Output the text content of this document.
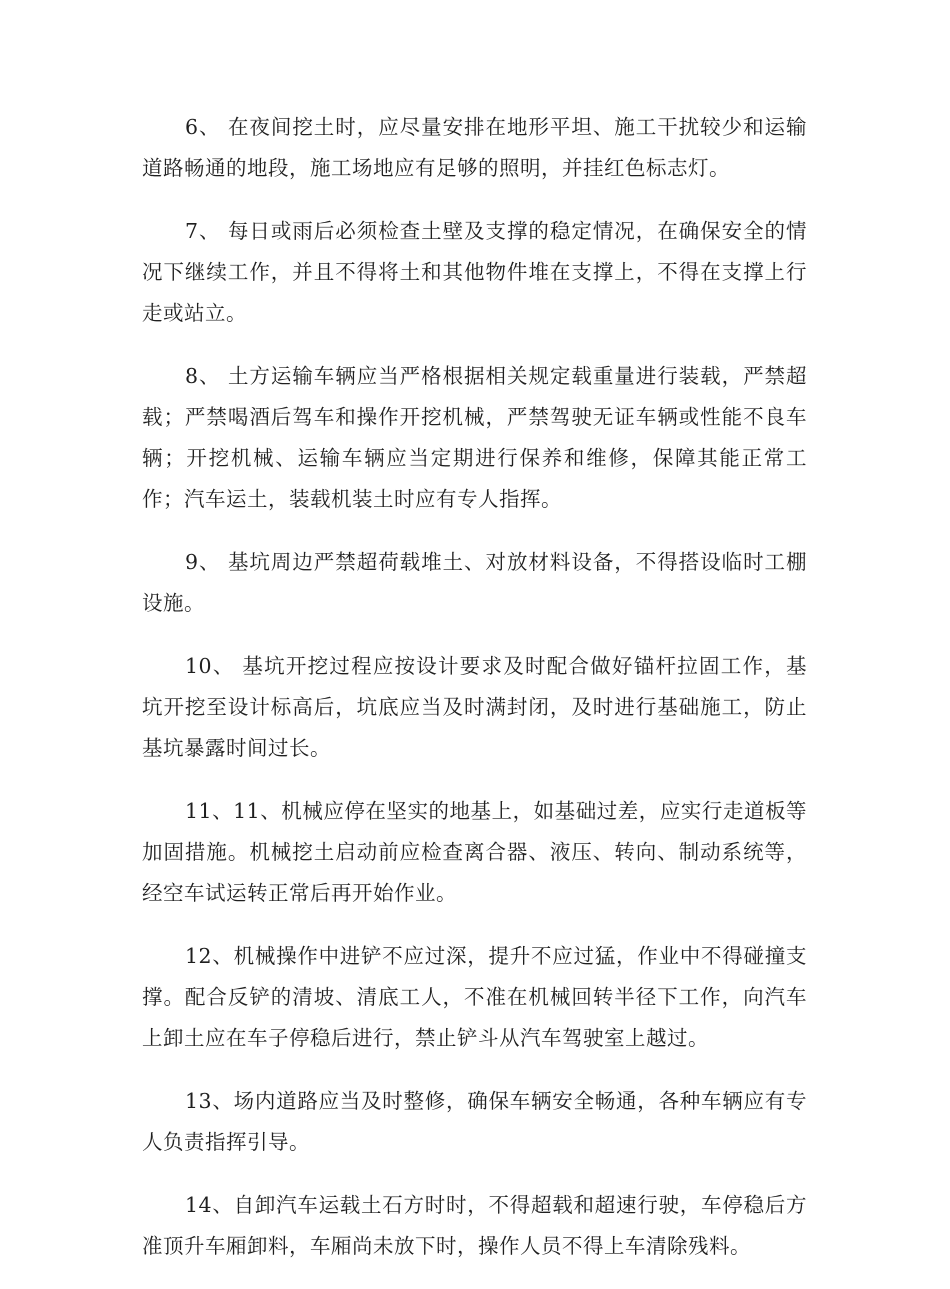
6、 在夜间挖土时，应尽量安排在地形平坦、施工干扰较少和运输道路畅通的地段，施工场地应有足够的照明，并挂红色标志灯。

7、 每日或雨后必须检查土壁及支撑的稳定情况，在确保安全的情况下继续工作，并且不得将土和其他物件堆在支撑上，不得在支撑上行走或站立。

8、 土方运输车辆应当严格根据相关规定载重量进行装载，严禁超载；严禁喝酒后驾车和操作开挖机械，严禁驾驶无证车辆或性能不良车辆；开挖机械、运输车辆应当定期进行保养和维修，保障其能正常工作；汽车运土，装载机装土时应有专人指挥。

9、 基坑周边严禁超荷载堆土、对放材料设备，不得搭设临时工棚设施。

10、 基坑开挖过程应按设计要求及时配合做好锚杆拉固工作，基坑开挖至设计标高后，坑底应当及时满封闭，及时进行基础施工，防止基坑暴露时间过长。

11、11、机械应停在坚实的地基上，如基础过差，应实行走道板等加固措施。机械挖土启动前应检查离合器、液压、转向、制动系统等，经空车试运转正常后再开始作业。

12、机械操作中进铲不应过深，提升不应过猛，作业中不得碰撞支撑。配合反铲的清坡、清底工人，不准在机械回转半径下工作，向汽车上卸土应在车子停稳后进行，禁止铲斗从汽车驾驶室上越过。

13、场内道路应当及时整修，确保车辆安全畅通，各种车辆应有专人负责指挥引导。

14、自卸汽车运载土石方时时，不得超载和超速行驶，车停稳后方准顶升车厢卸料，车厢尚未放下时，操作人员不得上车清除残料。
